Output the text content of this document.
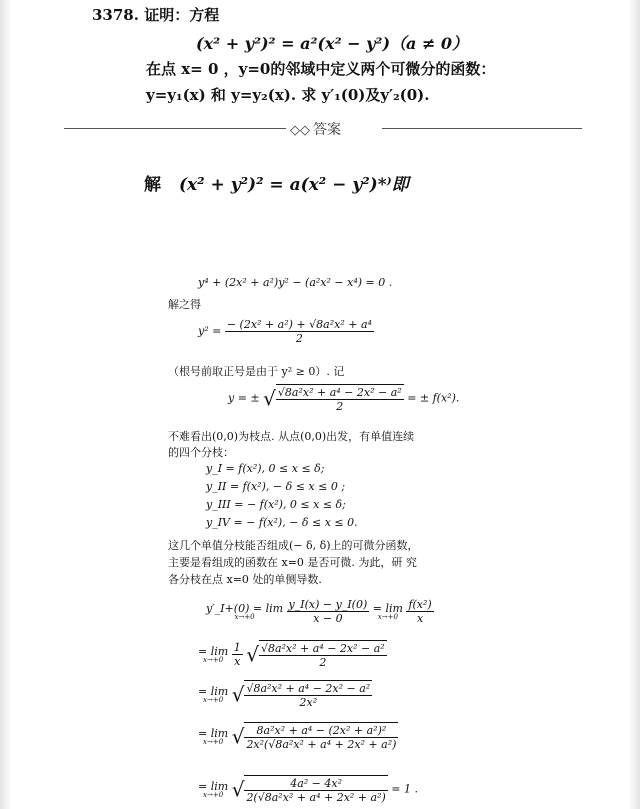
3378. 证明：方程
(x² + y²)² = a²(x² − y²)（a ≠ 0）
在点 x= 0 ，y=0的邻域中定义两个可微分的函数：
y=y₁(x) 和 y=y₂(x). 求 y′₁(0)及y′₂(0).
◇◇ 答案
解 (x² + y²)² = a(x² − y²)*⁾即
y⁴ + (2x² + a²)y² − (a²x² − x⁴) = 0 .
解之得
$y^2 = \frac{\text{− (2x² + a²) + √8a²x² + a⁴}}{2}$
（根号前取正号是由于 y² ≥ 0）. 记
y = ± √ $\frac{\text{√8a²x² + a⁴ − 2x² − a²}}{2}$ = ± f(x²).
不难看出(0,0)为枝点. 从点(0,0)出发，有单值连续
的四个分枝：
y_I = f(x²), 0 ≤ x ≤ δ;
y_II = f(x²), − δ ≤ x ≤ 0 ;
y_III = − f(x²), 0 ≤ x ≤ δ;
y_IV = − f(x²), − δ ≤ x ≤ 0.
这几个单值分枝能否组成(− δ, δ)上的可微分函数，
主要是看组成的函数在 x=0 是否可微. 为此，研 究
各分枝在点 x=0 处的单侧导数.
y′_I+(0) = lim
x→+0
	$\frac{y\_I(x) - y\_I(0)}{x - 0}$
= lim
x→+0
$\frac{\text{f(x²)}}{x}$
= lim
x→+0
$\frac{1}{x}$ √ $\frac{\text{√8a²x² + a⁴ − 2x² − a²}}{2}$
= lim
x→+0 √ $\frac{\text{√8a²x² + a⁴ − 2x² − a²}}{\text{2x²}}$
= lim
x→+0 √ $\frac{\text{8a²x² + a⁴ − (2x² + a²)²}}{\text{2x²(√8a²x² + a⁴ + 2x² + a²)}}$
= lim
x→+0 √ $\frac{\text{4a² − 4x²}}{\text{2(√8a²x² + a⁴ + 2x² + a²)}} = 1$ .
